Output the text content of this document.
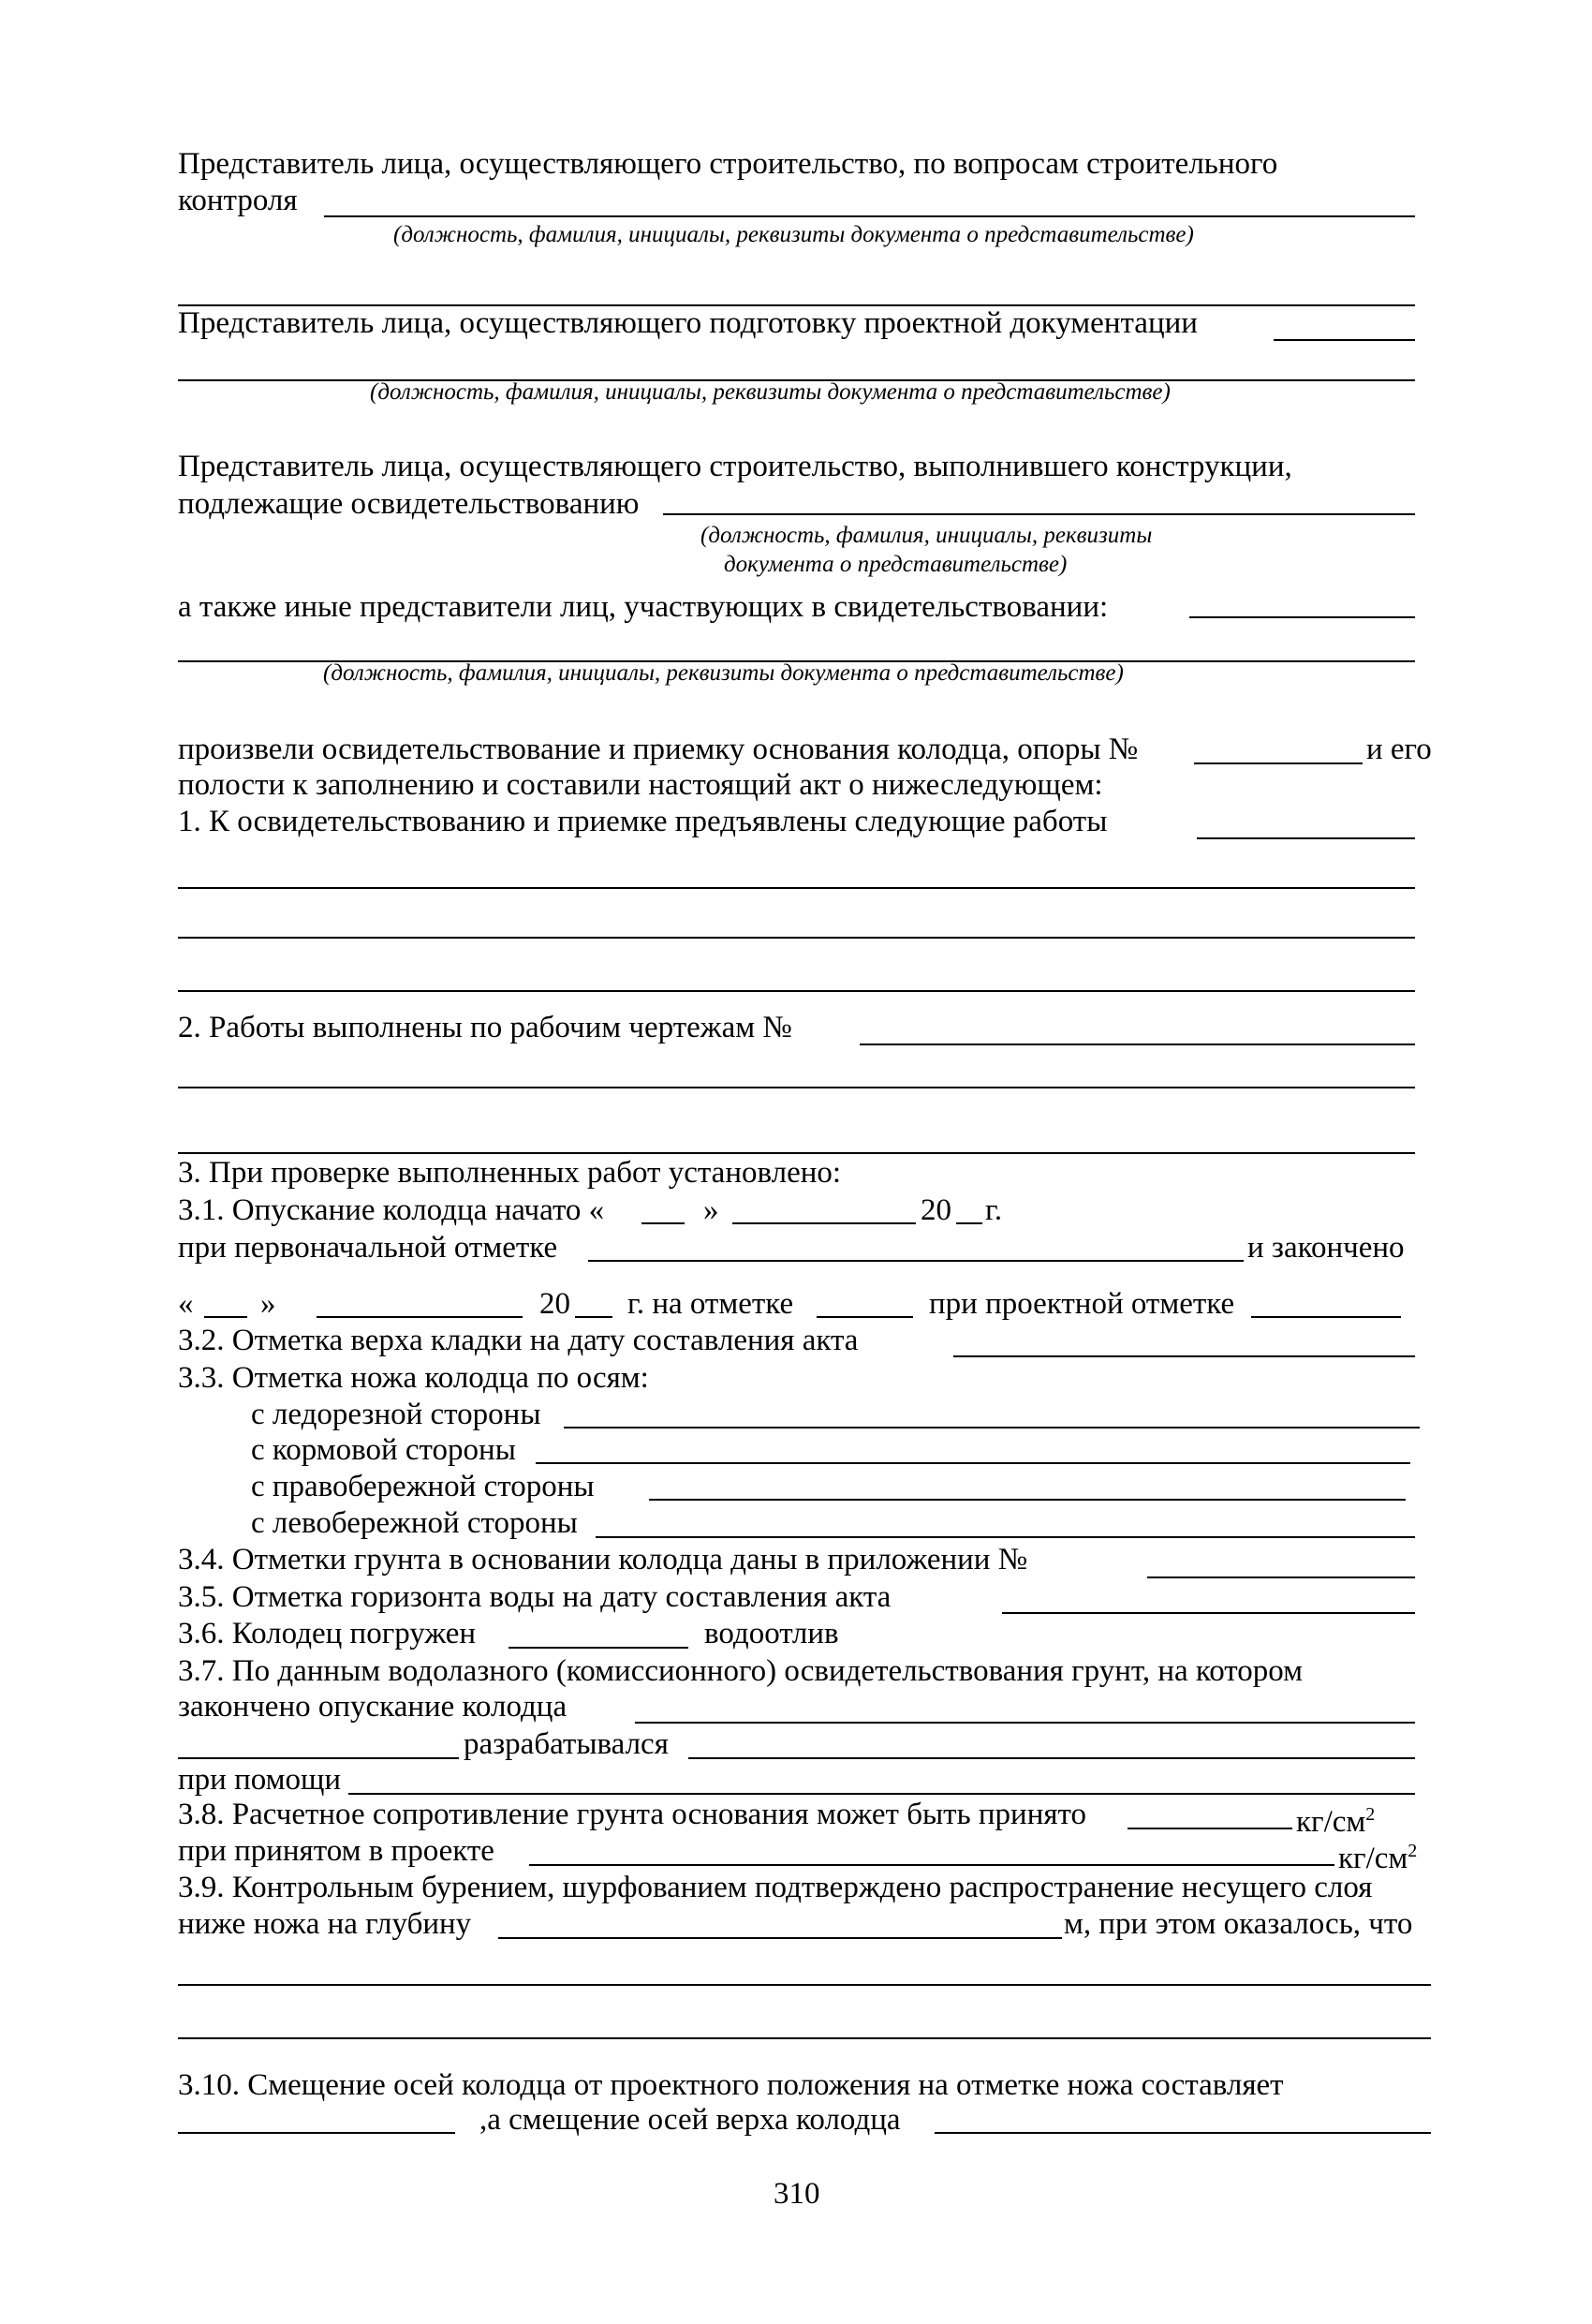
Представитель лица, осуществляющего строительство, по вопросам строительного
контроля
(должность, фамилия, инициалы, реквизиты документа о представительстве)
Представитель лица, осуществляющего подготовку проектной документации
(должность, фамилия, инициалы, реквизиты документа о представительстве)
Представитель лица, осуществляющего строительство, выполнившего конструкции,
подлежащие освидетельствованию
(должность, фамилия, инициалы, реквизиты
документа о представительстве)
а также иные представители лиц, участвующих в свидетельствовании:
(должность, фамилия, инициалы, реквизиты документа о представительстве)
произвели освидетельствование и приемку основания колодца, опоры №	и его
полости к заполнению и составили настоящий акт о нижеследующем:
1. К освидетельствованию и приемке предъявлены следующие работы
2. Работы выполнены по рабочим чертежам №
3. При проверке выполненных работ установлено:
3.1. Опускание колодца начато «	»	20 г.
при первоначальной отметке	и закончено
« »	20 г. на отметке	при проектной отметке
3.2. Отметка верха кладки на дату составления акта
3.3. Отметка ножа колодца по осям:
с ледорезной стороны
с кормовой стороны
с правобережной стороны
с левобережной стороны
3.4. Отметки грунта в основании колодца даны в приложении №
3.5. Отметка горизонта воды на дату составления акта
3.6. Колодец погружен	водоотлив
3.7. По данным водолазного (комиссионного) освидетельствования грунт, на котором
закончено опускание колодца
разрабатывался
при помощи
3.8. Расчетное сопротивление грунта основания может быть принято	$кг/см^2$
при принятом в проекте	$кг/см^2$
3.9. Контрольным бурением, шурфованием подтверждено распространение несущего слоя
ниже ножа на глубину	м, при этом оказалось, что
3.10. Смещение осей колодца от проектного положения на отметке ножа составляет
,а смещение осей верха колодца
310
